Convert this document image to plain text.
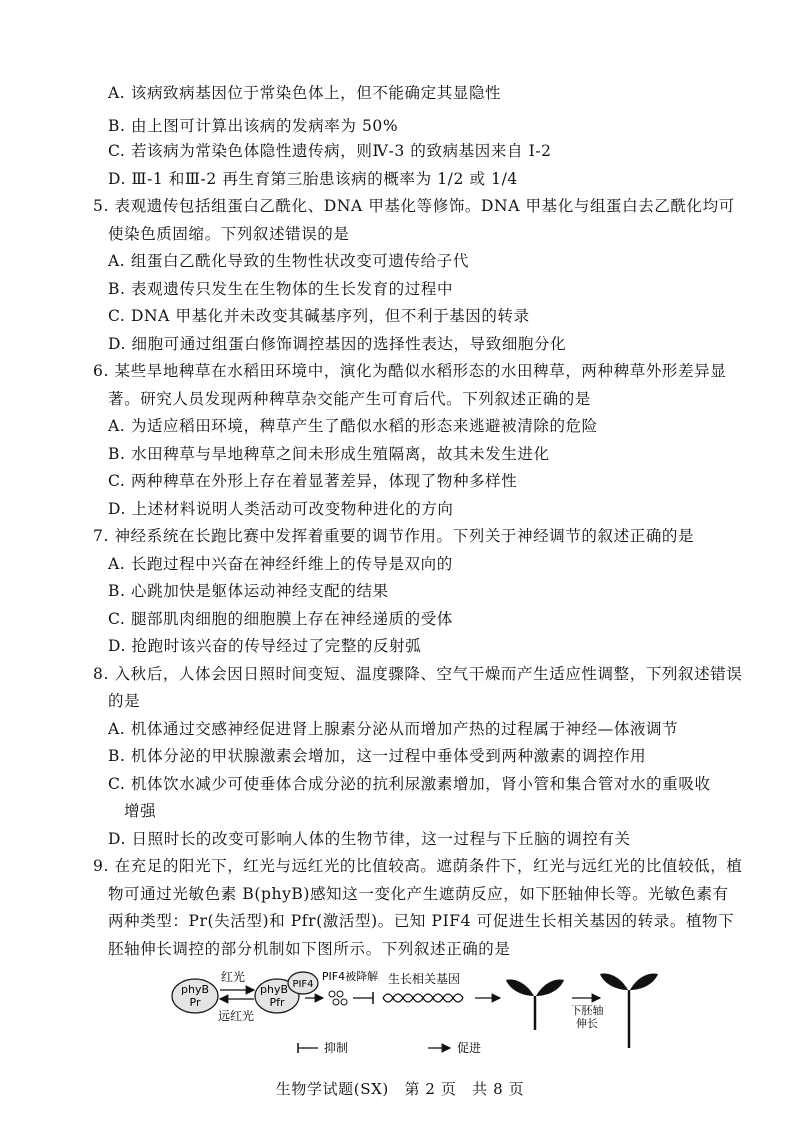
A. 该病致病基因位于常染色体上，但不能确定其显隐性
B. 由上图可计算出该病的发病率为 50%
C. 若该病为常染色体隐性遗传病，则Ⅳ-3 的致病基因来自 Ⅰ-2
D. Ⅲ-1 和Ⅲ-2 再生育第三胎患该病的概率为 1/2 或 1/4
5. 表观遗传包括组蛋白乙酰化、DNA 甲基化等修饰。DNA 甲基化与组蛋白去乙酰化均可
使染色质固缩。下列叙述错误的是
A. 组蛋白乙酰化导致的生物性状改变可遗传给子代
B. 表观遗传只发生在生物体的生长发育的过程中
C. DNA 甲基化并未改变其碱基序列，但不利于基因的转录
D. 细胞可通过组蛋白修饰调控基因的选择性表达，导致细胞分化
6. 某些旱地稗草在水稻田环境中，演化为酷似水稻形态的水田稗草，两种稗草外形差异显
著。研究人员发现两种稗草杂交能产生可育后代。下列叙述正确的是
A. 为适应稻田环境，稗草产生了酷似水稻的形态来逃避被清除的危险
B. 水田稗草与旱地稗草之间未形成生殖隔离，故其未发生进化
C. 两种稗草在外形上存在着显著差异，体现了物种多样性
D. 上述材料说明人类活动可改变物种进化的方向
7. 神经系统在长跑比赛中发挥着重要的调节作用。下列关于神经调节的叙述正确的是
A. 长跑过程中兴奋在神经纤维上的传导是双向的
B. 心跳加快是躯体运动神经支配的结果
C. 腿部肌肉细胞的细胞膜上存在神经递质的受体
D. 抢跑时该兴奋的传导经过了完整的反射弧
8. 入秋后，人体会因日照时间变短、温度骤降、空气干燥而产生适应性调整，下列叙述错误
的是
A. 机体通过交感神经促进肾上腺素分泌从而增加产热的过程属于神经—体液调节
B. 机体分泌的甲状腺激素会增加，这一过程中垂体受到两种激素的调控作用
C. 机体饮水减少可使垂体合成分泌的抗利尿激素增加，肾小管和集合管对水的重吸收
增强
D. 日照时长的改变可影响人体的生物节律，这一过程与下丘脑的调控有关
9. 在充足的阳光下，红光与远红光的比值较高。遮荫条件下，红光与远红光的比值较低，植
物可通过光敏色素 B(phyB)感知这一变化产生遮荫反应，如下胚轴伸长等。光敏色素有
两种类型：Pr(失活型)和 Pfr(激活型)。已知 PIF4 可促进生长相关基因的转录。植物下
胚轴伸长调控的部分机制如下图所示。下列叙述正确的是
phyB
Pr
红光
远红光
phyB
Pfr
PIF4
PIF4被降解 生长相关基因
下胚轴
伸长
抑制	促进
生物学试题(SX)　第 2 页　共 8 页
